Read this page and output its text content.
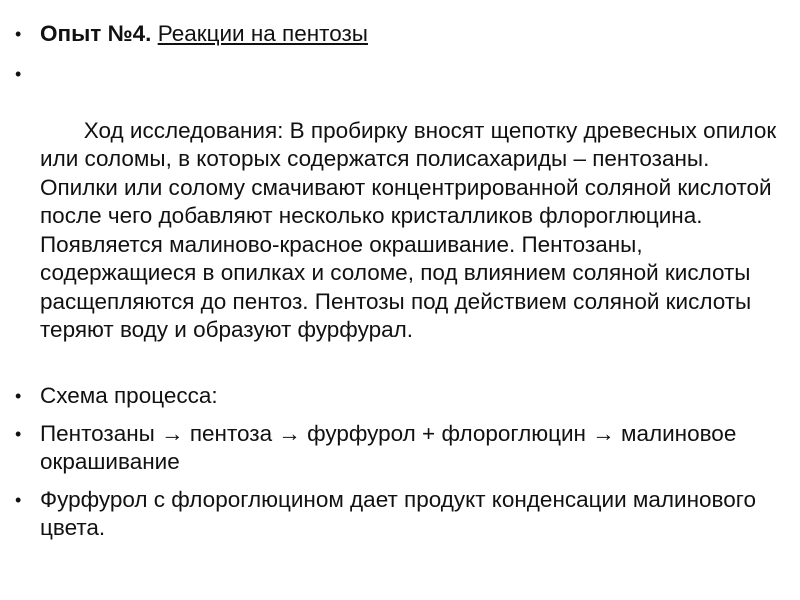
• Опыт №4. Реакции на пентозы

•

Ход исследования: В пробирку вносят щепотку древесных опилок или соломы, в которых содержатся полисахариды – пентозаны. Опилки или солому смачивают концентрированной соляной кислотой после чего добавляют несколько кристалликов флороглюцина. Появляется малиново-красное окрашивание. Пентозаны, содержащиеся в опилках и соломе, под влиянием соляной кислоты расщепляются до пентоз. Пентозы под действием соляной кислоты теряют воду и образуют фурфурал.

• Схема процесса:
• Пентозаны → пентоза → фурфурол + флороглюцин → малиновое окрашивание
• Фурфурол с флороглюцином дает продукт конденсации малинового цвета.
